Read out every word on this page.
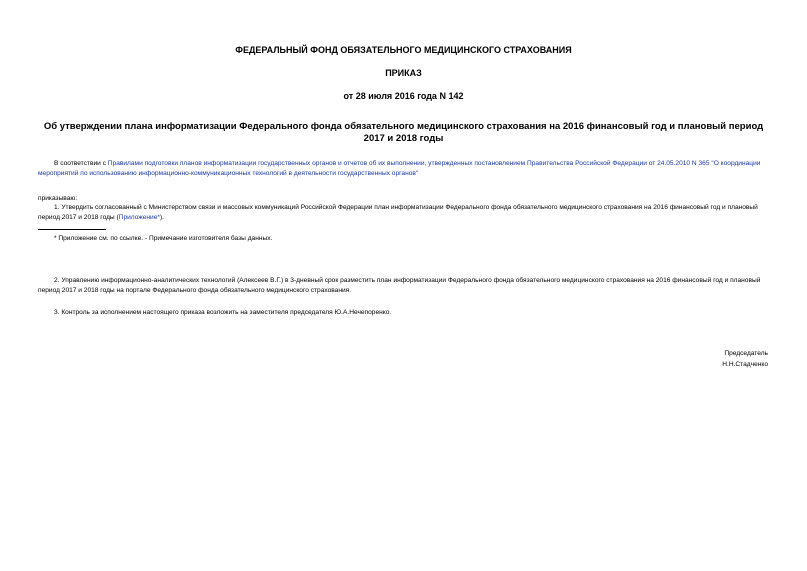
ФЕДЕРАЛЬНЫЙ ФОНД ОБЯЗАТЕЛЬНОГО МЕДИЦИНСКОГО СТРАХОВАНИЯ
ПРИКАЗ
от 28 июля 2016 года N 142
Об утверждении плана информатизации Федерального фонда обязательного медицинского страхования на 2016 финансовый год и плановый период 2017 и 2018 годы
В соответствии с Правилами подготовки планов информатизации государственных органов и отчетов об их выполнении, утвержденных постановлением Правительства Российской Федерации от 24.05.2010 N 365 "О координации мероприятий по использованию информационно-коммуникационных технологий в деятельности государственных органов"
приказываю:
1. Утвердить согласованный с Министерством связи и массовых коммуникаций Российской Федерации план информатизации Федерального фонда обязательного медицинского страхования на 2016 финансовый год и плановый период 2017 и 2018 годы (Приложение*).
* Приложение см. по ссылке. - Примечание изготовителя базы данных.
2. Управлению информационно-аналитических технологий (Алексеев В.Г.) в 3-дневный срок разместить план информатизации Федерального фонда обязательного медицинского страхования на 2016 финансовый год и плановый период 2017 и 2018 годы на портале Федерального фонда обязательного медицинского страхования.
3. Контроль за исполнением настоящего приказа возложить на заместителя председателя Ю.А.Нечепоренко.
Председатель
Н.Н.Стадченко
